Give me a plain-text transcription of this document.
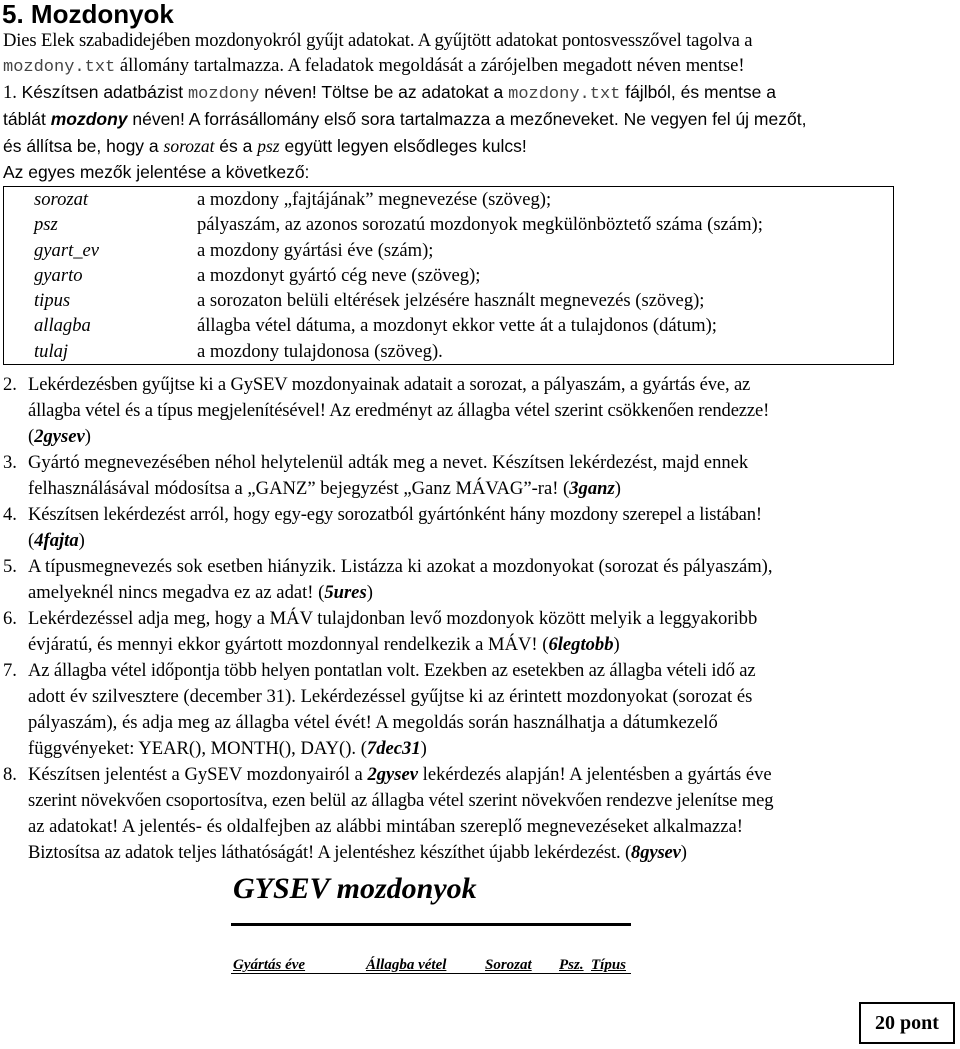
5. Mozdonyok
Dies Elek szabadidejében mozdonyokról gyűjt adatokat. A gyűjtött adatokat pontosvesszővel tagolva a
mozdony.txt állomány tartalmazza. A feladatok megoldását a zárójelben megadott néven mentse!
1. Készítsen adatbázist mozdony néven! Töltse be az adatokat a mozdony.txt fájlból, és mentse a
táblát mozdony néven! A forrásállomány első sora tartalmazza a mezőneveket. Ne vegyen fel új mezőt,
és állítsa be, hogy a sorozat és a psz együtt legyen elsődleges kulcs!
Az egyes mezők jelentése a következő:
sorozat	a mozdony „fajtájának” megnevezése (szöveg);
psz	pályaszám, az azonos sorozatú mozdonyok megkülönböztető száma (szám);
gyart_ev	a mozdony gyártási éve (szám);
gyarto	a mozdonyt gyártó cég neve (szöveg);
tipus	a sorozaton belüli eltérések jelzésére használt megnevezés (szöveg);
allagba	állagba vétel dátuma, a mozdonyt ekkor vette át a tulajdonos (dátum);
tulaj	a mozdony tulajdonosa (szöveg).
2. Lekérdezésben gyűjtse ki a GySEV mozdonyainak adatait a sorozat, a pályaszám, a gyártás éve, az
állagba vétel és a típus megjelenítésével! Az eredményt az állagba vétel szerint csökkenően rendezze!
(2gysev)
3. Gyártó megnevezésében néhol helytelenül adták meg a nevet. Készítsen lekérdezést, majd ennek
felhasználásával módosítsa a „GANZ” bejegyzést „Ganz MÁVAG”-ra! (3ganz)
4. Készítsen lekérdezést arról, hogy egy-egy sorozatból gyártónként hány mozdony szerepel a listában!
(4fajta)
5. A típusmegnevezés sok esetben hiányzik. Listázza ki azokat a mozdonyokat (sorozat és pályaszám),
amelyeknél nincs megadva ez az adat! (5ures)
6. Lekérdezéssel adja meg, hogy a MÁV tulajdonban levő mozdonyok között melyik a leggyakoribb
évjáratú, és mennyi ekkor gyártott mozdonnyal rendelkezik a MÁV! (6legtobb)
7. Az állagba vétel időpontja több helyen pontatlan volt. Ezekben az esetekben az állagba vételi idő az
adott év szilvesztere (december 31). Lekérdezéssel gyűjtse ki az érintett mozdonyokat (sorozat és
pályaszám), és adja meg az állagba vétel évét! A megoldás során használhatja a dátumkezelő
függvényeket: YEAR(), MONTH(), DAY(). (7dec31)
8. Készítsen jelentést a GySEV mozdonyairól a 2gysev lekérdezés alapján! A jelentésben a gyártás éve
szerint növekvően csoportosítva, ezen belül az állagba vétel szerint növekvően rendezve jelenítse meg
az adatokat! A jelentés- és oldalfejben az alábbi mintában szereplő megnevezéseket alkalmazza!
Biztosítsa az adatok teljes láthatóságát! A jelentéshez készíthet újabb lekérdezést. (8gysev)
GYSEV mozdonyok
Gyártás éve	Állagba vétel	Sorozat Psz. Típus
20 pont
